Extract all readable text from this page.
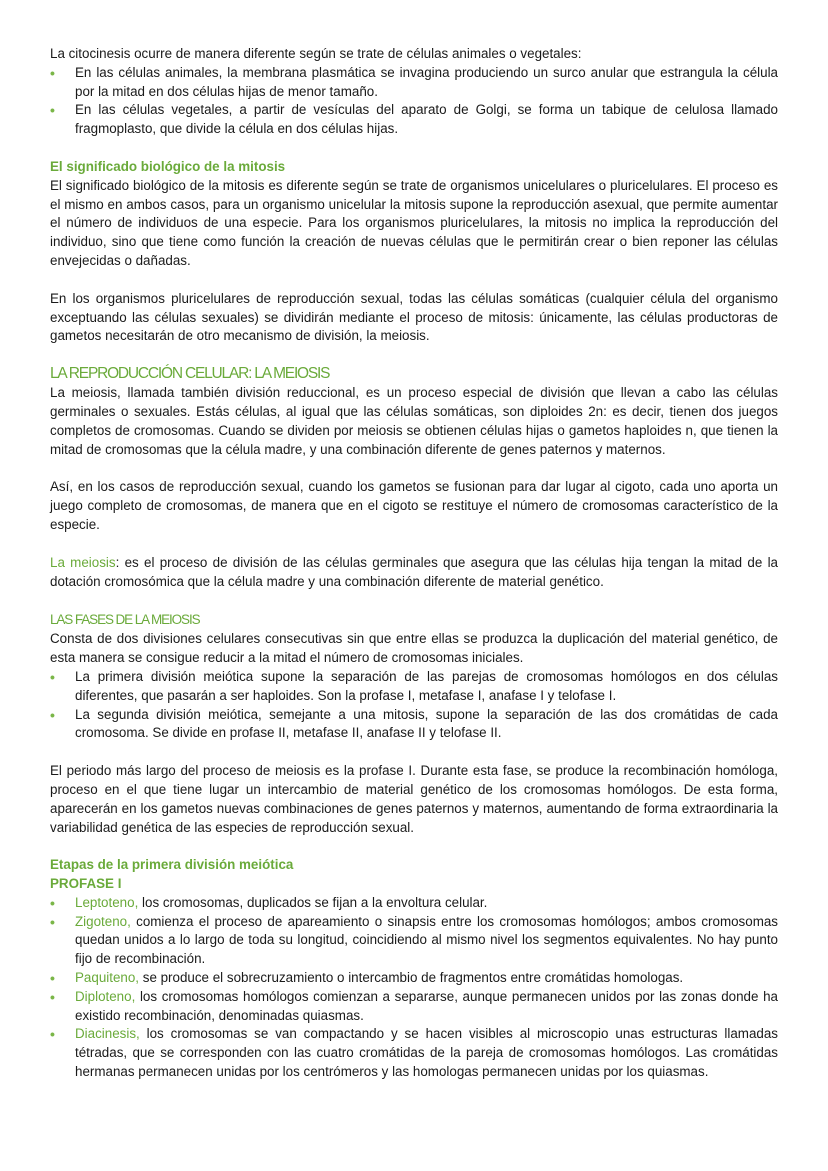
La citocinesis ocurre de manera diferente según se trate de células animales o vegetales:

• En las células animales, la membrana plasmática se invagina produciendo un surco anular que estrangula la célula por la mitad en dos células hijas de menor tamaño.
• En las células vegetales, a partir de vesículas del aparato de Golgi, se forma un tabique de celulosa llamado fragmoplasto, que divide la célula en dos células hijas.

El significado biológico de la mitosis

El significado biológico de la mitosis es diferente según se trate de organismos unicelulares o pluricelulares. El proceso es el mismo en ambos casos, para un organismo unicelular la mitosis supone la reproducción asexual, que permite aumentar el número de individuos de una especie. Para los organismos pluricelulares, la mitosis no implica la reproducción del individuo, sino que tiene como función la creación de nuevas células que le permitirán crear o bien reponer las células envejecidas o dañadas.

En los organismos pluricelulares de reproducción sexual, todas las células somáticas (cualquier célula del organismo exceptuando las células sexuales) se dividirán mediante el proceso de mitosis: únicamente, las células productoras de gametos necesitarán de otro mecanismo de división, la meiosis.

LA REPRODUCCIÓN CELULAR: LA MEIOSIS

La meiosis, llamada también división reduccional, es un proceso especial de división que llevan a cabo las células germinales o sexuales. Estás células, al igual que las células somáticas, son diploides 2n: es decir, tienen dos juegos completos de cromosomas. Cuando se dividen por meiosis se obtienen células hijas o gametos haploides n, que tienen la mitad de cromosomas que la célula madre, y una combinación diferente de genes paternos y maternos.

Así, en los casos de reproducción sexual, cuando los gametos se fusionan para dar lugar al cigoto, cada uno aporta un juego completo de cromosomas, de manera que en el cigoto se restituye el número de cromosomas característico de la especie.

La meiosis: es el proceso de división de las células germinales que asegura que las células hija tengan la mitad de la dotación cromosómica que la célula madre y una combinación diferente de material genético.

LAS FASES DE LA MEIOSIS

Consta de dos divisiones celulares consecutivas sin que entre ellas se produzca la duplicación del material genético, de esta manera se consigue reducir a la mitad el número de cromosomas iniciales.

• La primera división meiótica supone la separación de las parejas de cromosomas homólogos en dos células diferentes, que pasarán a ser haploides. Son la profase I, metafase I, anafase I y telofase I.
• La segunda división meiótica, semejante a una mitosis, supone la separación de las dos cromátidas de cada cromosoma. Se divide en profase II, metafase II, anafase II y telofase II.

El periodo más largo del proceso de meiosis es la profase I. Durante esta fase, se produce la recombinación homóloga, proceso en el que tiene lugar un intercambio de material genético de los cromosomas homólogos. De esta forma, aparecerán en los gametos nuevas combinaciones de genes paternos y maternos, aumentando de forma extraordinaria la variabilidad genética de las especies de reproducción sexual.

Etapas de la primera división meiótica

PROFASE I

• Leptoteno, los cromosomas, duplicados se fijan a la envoltura celular.
• Zigoteno, comienza el proceso de apareamiento o sinapsis entre los cromosomas homólogos; ambos cromosomas quedan unidos a lo largo de toda su longitud, coincidiendo al mismo nivel los segmentos equivalentes. No hay punto fijo de recombinación.
• Paquiteno, se produce el sobrecruzamiento o intercambio de fragmentos entre cromátidas homologas.
• Diploteno, los cromosomas homólogos comienzan a separarse, aunque permanecen unidos por las zonas donde ha existido recombinación, denominadas quiasmas.
• Diacinesis, los cromosomas se van compactando y se hacen visibles al microscopio unas estructuras llamadas tétradas, que se corresponden con las cuatro cromátidas de la pareja de cromosomas homólogos. Las cromátidas hermanas permanecen unidas por los centrómeros y las homologas permanecen unidas por los quiasmas.
